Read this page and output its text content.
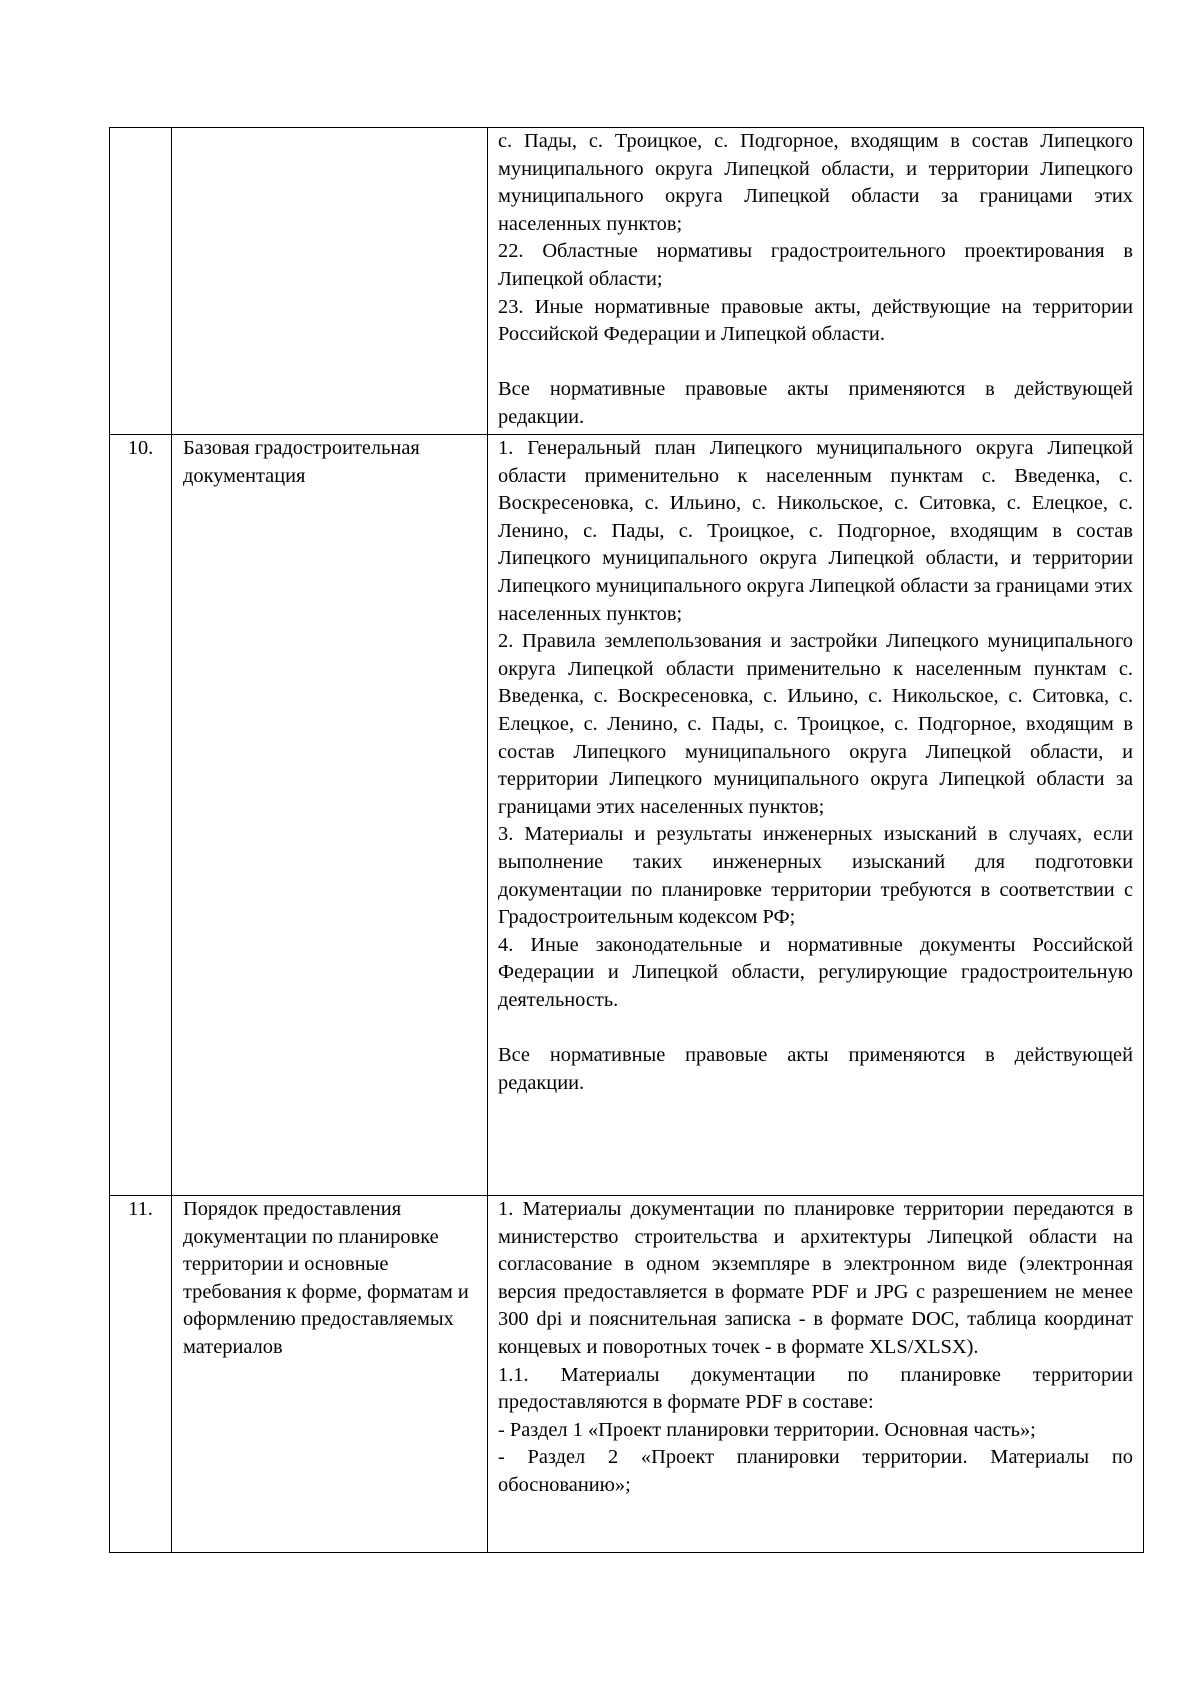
		с. Пады, с. Троицкое, с. Подгорное, входящим в состав Липецкого муниципального округа Липецкой области, и территории Липецкого муниципального округа Липецкой области за границами этих населенных пунктов;

22. Областные нормативы градостроительного проектирования в Липецкой области;

23. Иные нормативные правовые акты, действующие на территории Российской Федерации и Липецкой области.

Все нормативные правовые акты применяются в действующей редакции.

10.	Базовая градостроительная документация	1. Генеральный план Липецкого муниципального округа Липецкой области применительно к населенным пунктам с. Введенка, с. Воскресеновка, с. Ильино, с. Никольское, с. Ситовка, с. Елецкое, с. Ленино, с. Пады, с. Троицкое, с. Подгорное, входящим в состав Липецкого муниципального округа Липецкой области, и территории Липецкого муниципального округа Липецкой области за границами этих населенных пунктов;

2. Правила землепользования и застройки Липецкого муниципального округа Липецкой области применительно к населенным пунктам с. Введенка, с. Воскресеновка, с. Ильино, с. Никольское, с. Ситовка, с. Елецкое, с. Ленино, с. Пады, с. Троицкое, с. Подгорное, входящим в состав Липецкого муниципального округа Липецкой области, и территории Липецкого муниципального округа Липецкой области за границами этих населенных пунктов;

3. Материалы и результаты инженерных изысканий в случаях, если выполнение таких инженерных изысканий для подготовки документации по планировке территории требуются в соответствии с Градостроительным кодексом РФ;

4. Иные законодательные и нормативные документы Российской Федерации и Липецкой области, регулирующие градостроительную деятельность.

Все нормативные правовые акты применяются в действующей редакции.

11.	Порядок предоставления документации по планировке территории и основные требования к форме, форматам и оформлению предоставляемых материалов	1. Материалы документации по планировке территории передаются в министерство строительства и архитектуры Липецкой области на согласование в одном экземпляре в электронном виде (электронная версия предоставляется в формате PDF и JPG с разрешением не менее 300 dpi и пояснительная записка - в формате DOC, таблица координат концевых и поворотных точек - в формате XLS/XLSX).

1.1. Материалы документации по планировке территории предоставляются в формате PDF в составе:

- Раздел 1 «Проект планировки территории. Основная часть»;

- Раздел 2 «Проект планировки территории. Материалы по обоснованию»;
